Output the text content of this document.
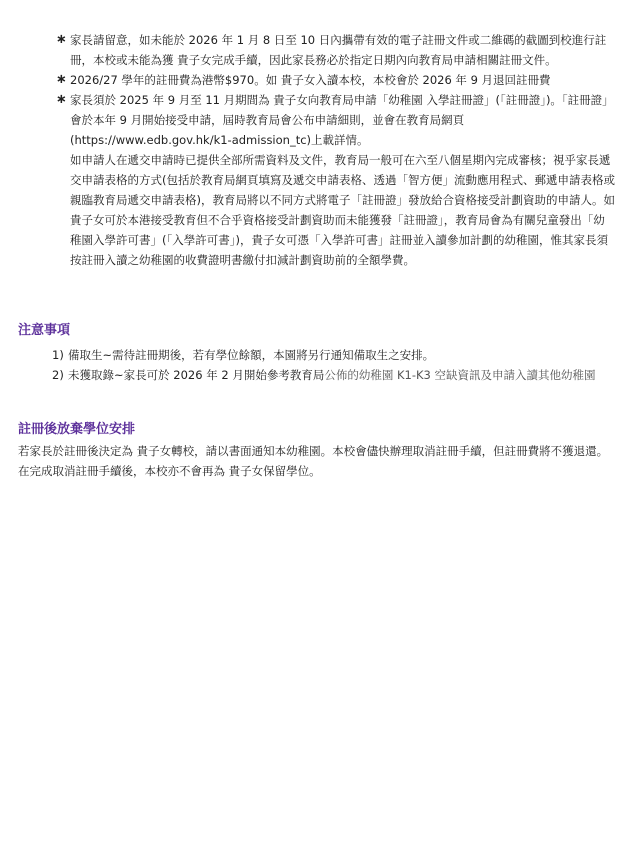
∗ 家長請留意，如未能於 2026 年 1 月 8 日至 10 日內攜帶有效的電子註冊文件或二維碼的截圖到校進行註冊，本校或未能為獲 貴子女完成手續，因此家長務必於指定日期內向教育局申請相關註冊文件。

∗ 2026/27 學年的註冊費為港幣$970。如 貴子女入讀本校，本校會於 2026 年 9 月退回註冊費

∗ 家長須於 2025 年 9 月至 11 月期間為 貴子女向教育局申請「幼稚園 入學註冊證」(「註冊證」)。「註冊證」會於本年 9 月開始接受申請，屆時教育局會公布申請細則，並會在教育局網頁(https://www.edb.gov.hk/k1-admission_tc)上載詳情。

如申請人在遞交申請時已提供全部所需資料及文件，教育局一般可在六至八個星期內完成審核；視乎家長遞交申請表格的方式(包括於教育局網頁填寫及遞交申請表格、透過「智方便」流動應用程式、郵遞申請表格或親臨教育局遞交申請表格)，教育局將以不同方式將電子「註冊證」發放給合資格接受計劃資助的申請人。如 貴子女可於本港接受教育但不合乎資格接受計劃資助而未能獲發「註冊證」，教育局會為有關兒童發出「幼稚園入學許可書」(「入學許可書」)，貴子女可憑「入學許可書」註冊並入讀參加計劃的幼稚園，惟其家長須按註冊入讀之幼稚園的收費證明書繳付扣減計劃資助前的全額學費。

注意事項
1) 備取生~需待註冊期後，若有學位餘額，本園將另行通知備取生之安排。
2) 未獲取錄~家長可於 2026 年 2 月開始參考教育局公佈的幼稚園 K1-K3 空缺資訊及申請入讀其他幼稚園
註冊後放棄學位安排

若家長於註冊後決定為 貴子女轉校，請以書面通知本幼稚園。本校會儘快辦理取消註冊手續，但註冊費將不獲退還。在完成取消註冊手續後，本校亦不會再為 貴子女保留學位。
